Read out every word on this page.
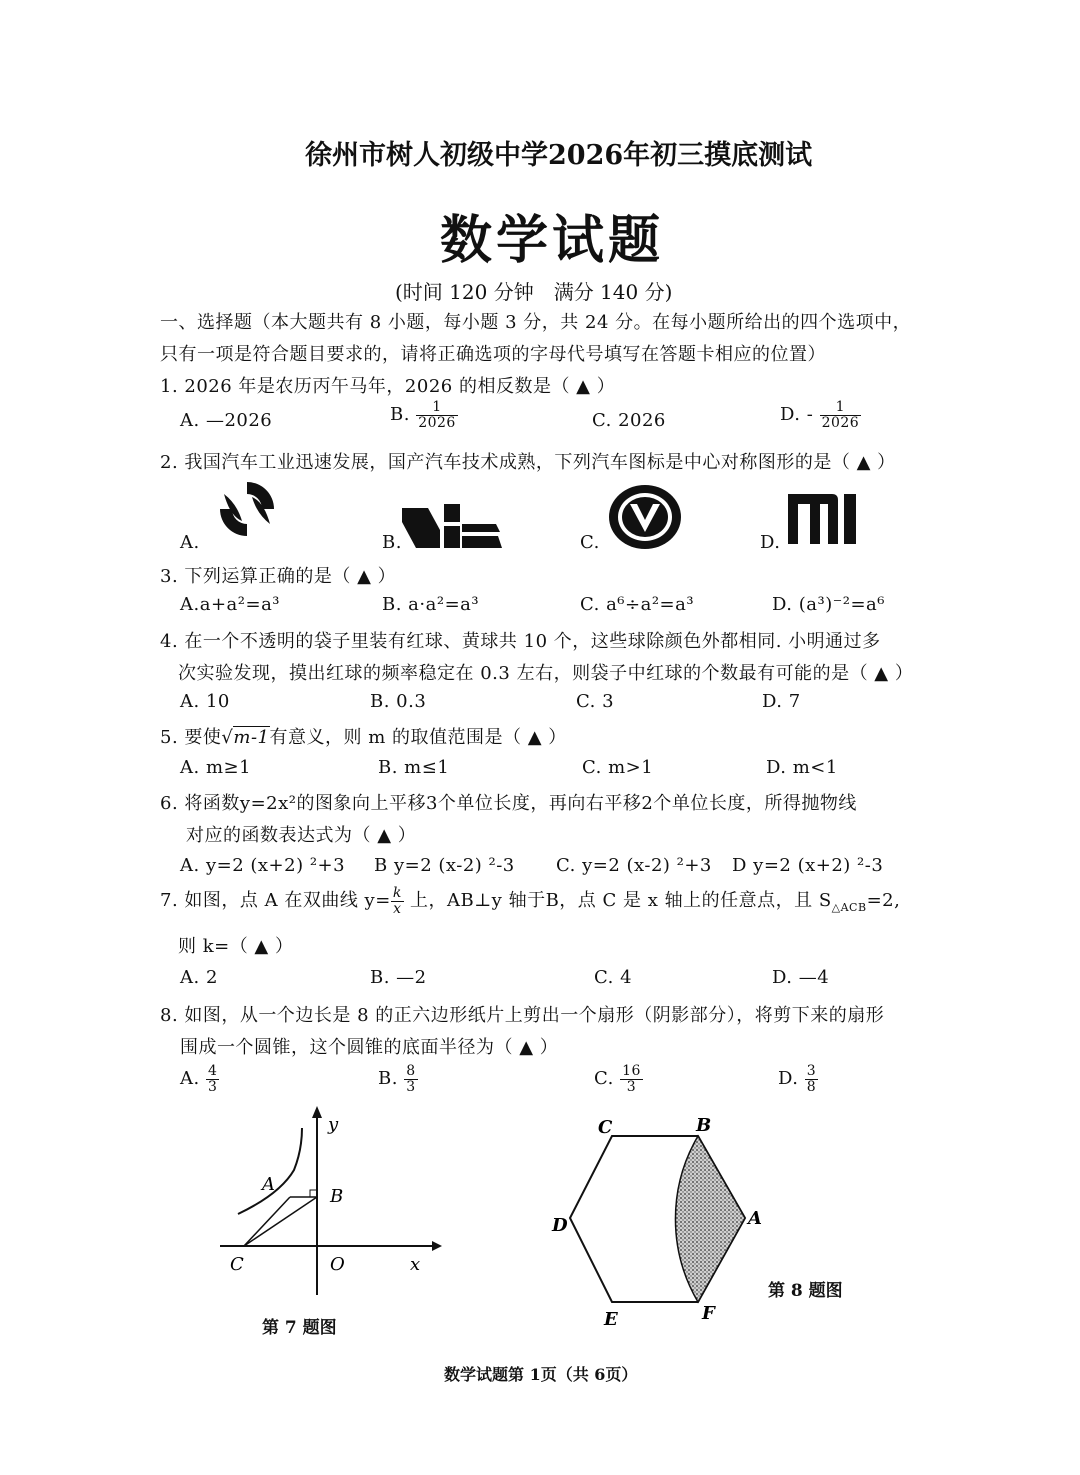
徐州市树人初级中学2026年初三摸底测试
数学试题
(时间 120 分钟　满分 140 分)
一、选择题（本大题共有 8 小题，每小题 3 分，共 24 分。在每小题所给出的四个选项中，
只有一项是符合题目要求的，请将正确选项的字母代号填写在答题卡相应的位置）
1. 2026 年是农历丙午马年，2026 的相反数是（ ▲ ）
A. —2026	B. $\frac{1}{2026}$	C. 2026	D. - $\frac{1}{2026}$
2. 我国汽车工业迅速发展，国产汽车技术成熟，下列汽车图标是中心对称图形的是（ ▲ ）
A.	B.	C.	D.
3. 下列运算正确的是（ ▲ ）
A.a+a²=a³	B. a·a²=a³	C. a⁶÷a²=a³	D. (a³)⁻²=a⁶
4. 在一个不透明的袋子里装有红球、黄球共 10 个，这些球除颜色外都相同. 小明通过多
次实验发现，摸出红球的频率稳定在 0.3 左右，则袋子中红球的个数最有可能的是（ ▲ ）
A. 10	B. 0.3	C. 3	D. 7
5. 要使√m-1有意义，则 m 的取值范围是（ ▲ ）
A. m≥1	B. m≤1	C. m>1	D. m<1
6. 将函数y=2x²的图象向上平移3个单位长度，再向右平移2个单位长度，所得抛物线
对应的函数表达式为（ ▲ ）
A. y=2 (x+2) ²+3 B y=2 (x-2) ²-3 C. y=2 (x-2) ²+3 D y=2 (x+2) ²-3
7. 如图，点 A 在双曲线 $y= \frac{k}{x}$ 上，AB⊥y 轴于B，点 C 是 x 轴上的任意点，且 $S_{\triangle ACB}=2$,
则 k=（ ▲ ）
A. 2	B. —2	C. 4	D. —4
8. 如图，从一个边长是 8 的正六边形纸片上剪出一个扇形（阴影部分），将剪下来的扇形
围成一个圆锥，这个圆锥的底面半径为（ ▲ ）
A. $\frac{4}{3}$	B. $\frac{8}{3}$	C. $\frac{16}{3}$	D. $\frac{3}{8}$
y
A
B
C	O	x
第 7 题图
C	B
D	A
E	F
第 8 题图
数学试题第 1页（共 6页）
